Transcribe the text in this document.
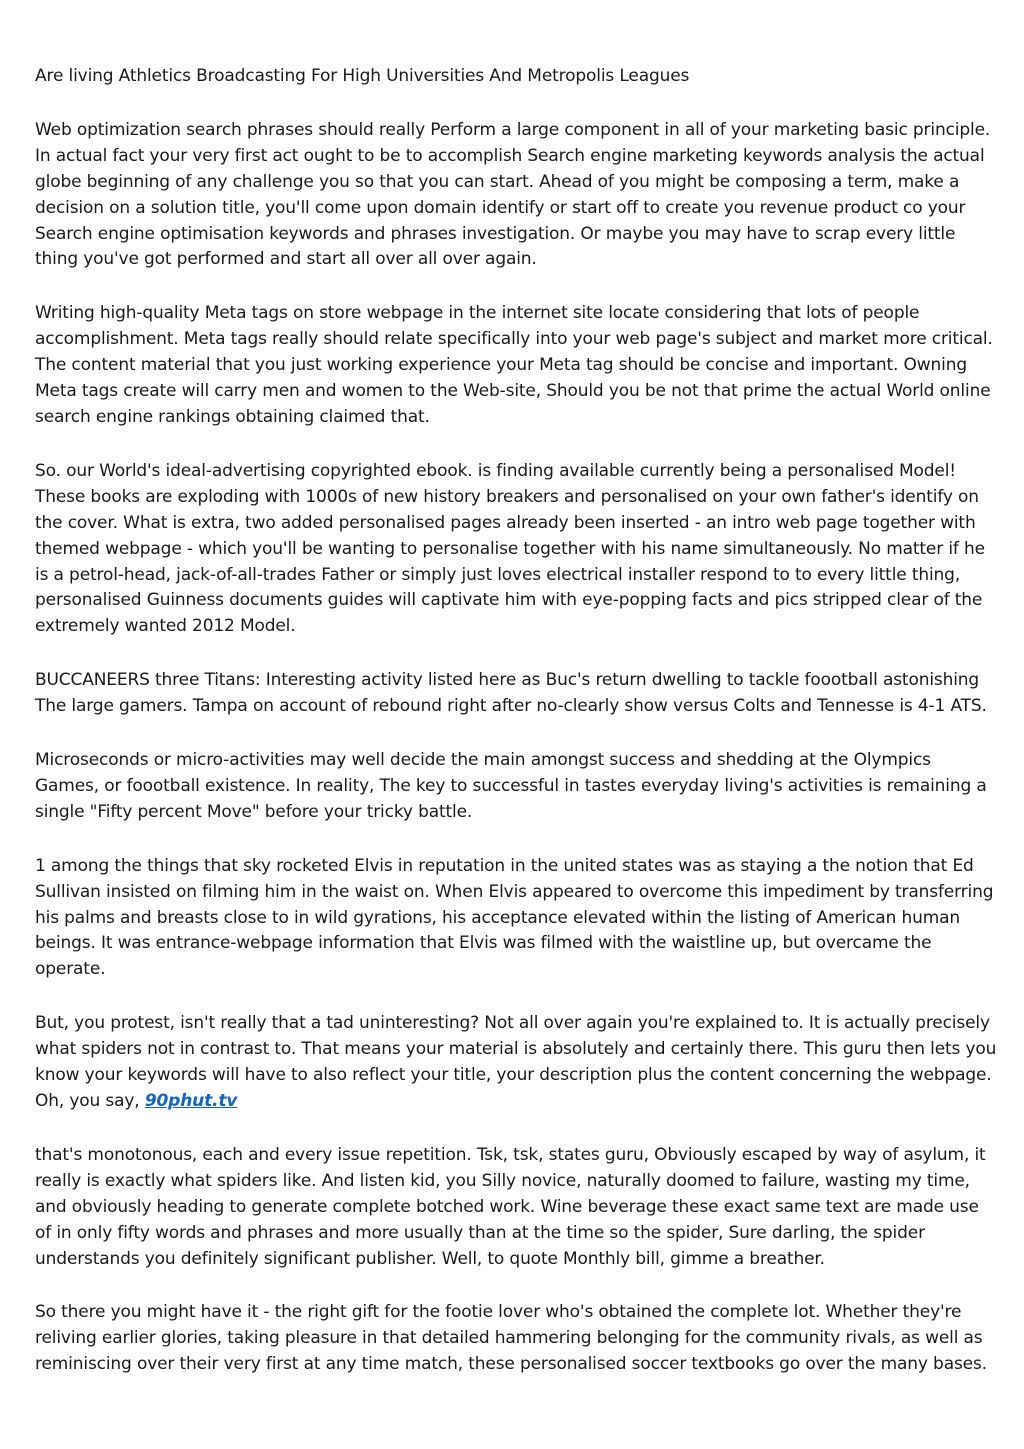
Are living Athletics Broadcasting For High Universities And Metropolis Leagues

Web optimization search phrases should really Perform a large component in all of your marketing basic principle. In actual fact your very first act ought to be to accomplish Search engine marketing keywords analysis the actual globe beginning of any challenge you so that you can start. Ahead of you might be composing a term, make a decision on a solution title, you'll come upon domain identify or start off to create you revenue product co your Search engine optimisation keywords and phrases investigation. Or maybe you may have to scrap every little thing you've got performed and start all over all over again.

Writing high-quality Meta tags on store webpage in the internet site locate considering that lots of people accomplishment. Meta tags really should relate specifically into your web page's subject and market more critical. The content material that you just working experience your Meta tag should be concise and important. Owning Meta tags create will carry men and women to the Web-site, Should you be not that prime the actual World online search engine rankings obtaining claimed that.

So. our World's ideal-advertising copyrighted ebook. is finding available currently being a personalised Model! These books are exploding with 1000s of new history breakers and personalised on your own father's identify on the cover. What is extra, two added personalised pages already been inserted - an intro web page together with themed webpage - which you'll be wanting to personalise together with his name simultaneously. No matter if he is a petrol-head, jack-of-all-trades Father or simply just loves electrical installer respond to to every little thing, personalised Guinness documents guides will captivate him with eye-popping facts and pics stripped clear of the extremely wanted 2012 Model.

BUCCANEERS three Titans: Interesting activity listed here as Buc's return dwelling to tackle foootball astonishing The large gamers. Tampa on account of rebound right after no-clearly show versus Colts and Tennesse is 4-1 ATS.

Microseconds or micro-activities may well decide the main amongst success and shedding at the Olympics Games, or foootball existence. In reality, The key to successful in tastes everyday living's activities is remaining a single "Fifty percent Move" before your tricky battle.

1 among the things that sky rocketed Elvis in reputation in the united states was as staying a the notion that Ed Sullivan insisted on filming him in the waist on. When Elvis appeared to overcome this impediment by transferring his palms and breasts close to in wild gyrations, his acceptance elevated within the listing of American human beings. It was entrance-webpage information that Elvis was filmed with the waistline up, but overcame the operate.

But, you protest, isn't really that a tad uninteresting? Not all over again you're explained to. It is actually precisely what spiders not in contrast to. That means your material is absolutely and certainly there. This guru then lets you know your keywords will have to also reflect your title, your description plus the content concerning the webpage. Oh, you say, 90phut.tv

that's monotonous, each and every issue repetition. Tsk, tsk, states guru, Obviously escaped by way of asylum, it really is exactly what spiders like. And listen kid, you Silly novice, naturally doomed to failure, wasting my time, and obviously heading to generate complete botched work. Wine beverage these exact same text are made use of in only fifty words and phrases and more usually than at the time so the spider, Sure darling, the spider understands you definitely significant publisher. Well, to quote Monthly bill, gimme a breather.

So there you might have it - the right gift for the footie lover who's obtained the complete lot. Whether they're reliving earlier glories, taking pleasure in that detailed hammering belonging for the community rivals, as well as reminiscing over their very first at any time match, these personalised soccer textbooks go over the many bases.
